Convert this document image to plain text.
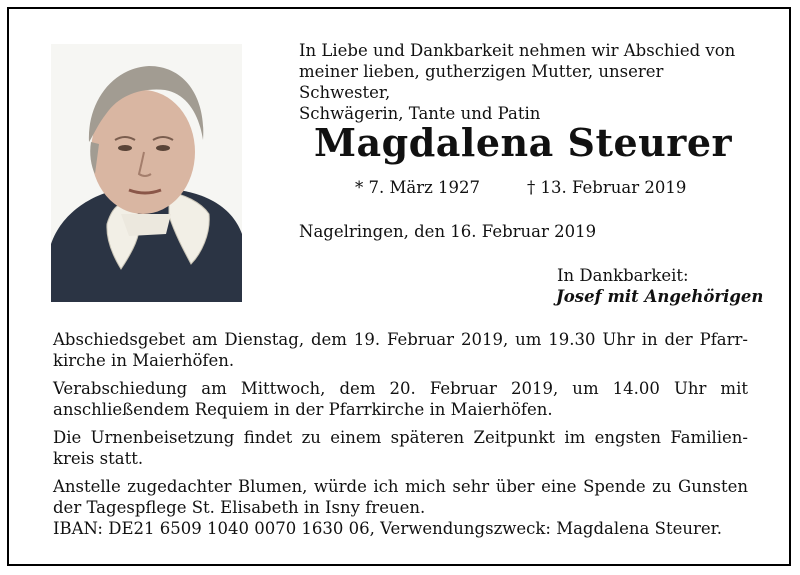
In Liebe und Dankbarkeit nehmen wir Abschied von
meiner lieben, gutherzigen Mutter, unserer Schwester,
Schwägerin, Tante und Patin
Magdalena Steurer
* 7. März 1927	† 13. Februar 2019
Nagelringen, den 16. Februar 2019
In Dankbarkeit:
Josef mit Angehörigen

Abschiedsgebet am Dienstag, dem 19. Februar 2019, um 19.30 Uhr in der Pfarr-
kirche in Maierhöfen.

Verabschiedung am Mittwoch, dem 20. Februar 2019, um 14.00 Uhr mit
anschließendem Requiem in der Pfarrkirche in Maierhöfen.

Die Urnenbeisetzung findet zu einem späteren Zeitpunkt im engsten Familien-
kreis statt.

Anstelle zugedachter Blumen, würde ich mich sehr über eine Spende zu Gunsten
der Tagespflege St. Elisabeth in Isny freuen.
IBAN: DE21 6509 1040 0070 1630 06, Verwendungszweck: Magdalena Steurer.
